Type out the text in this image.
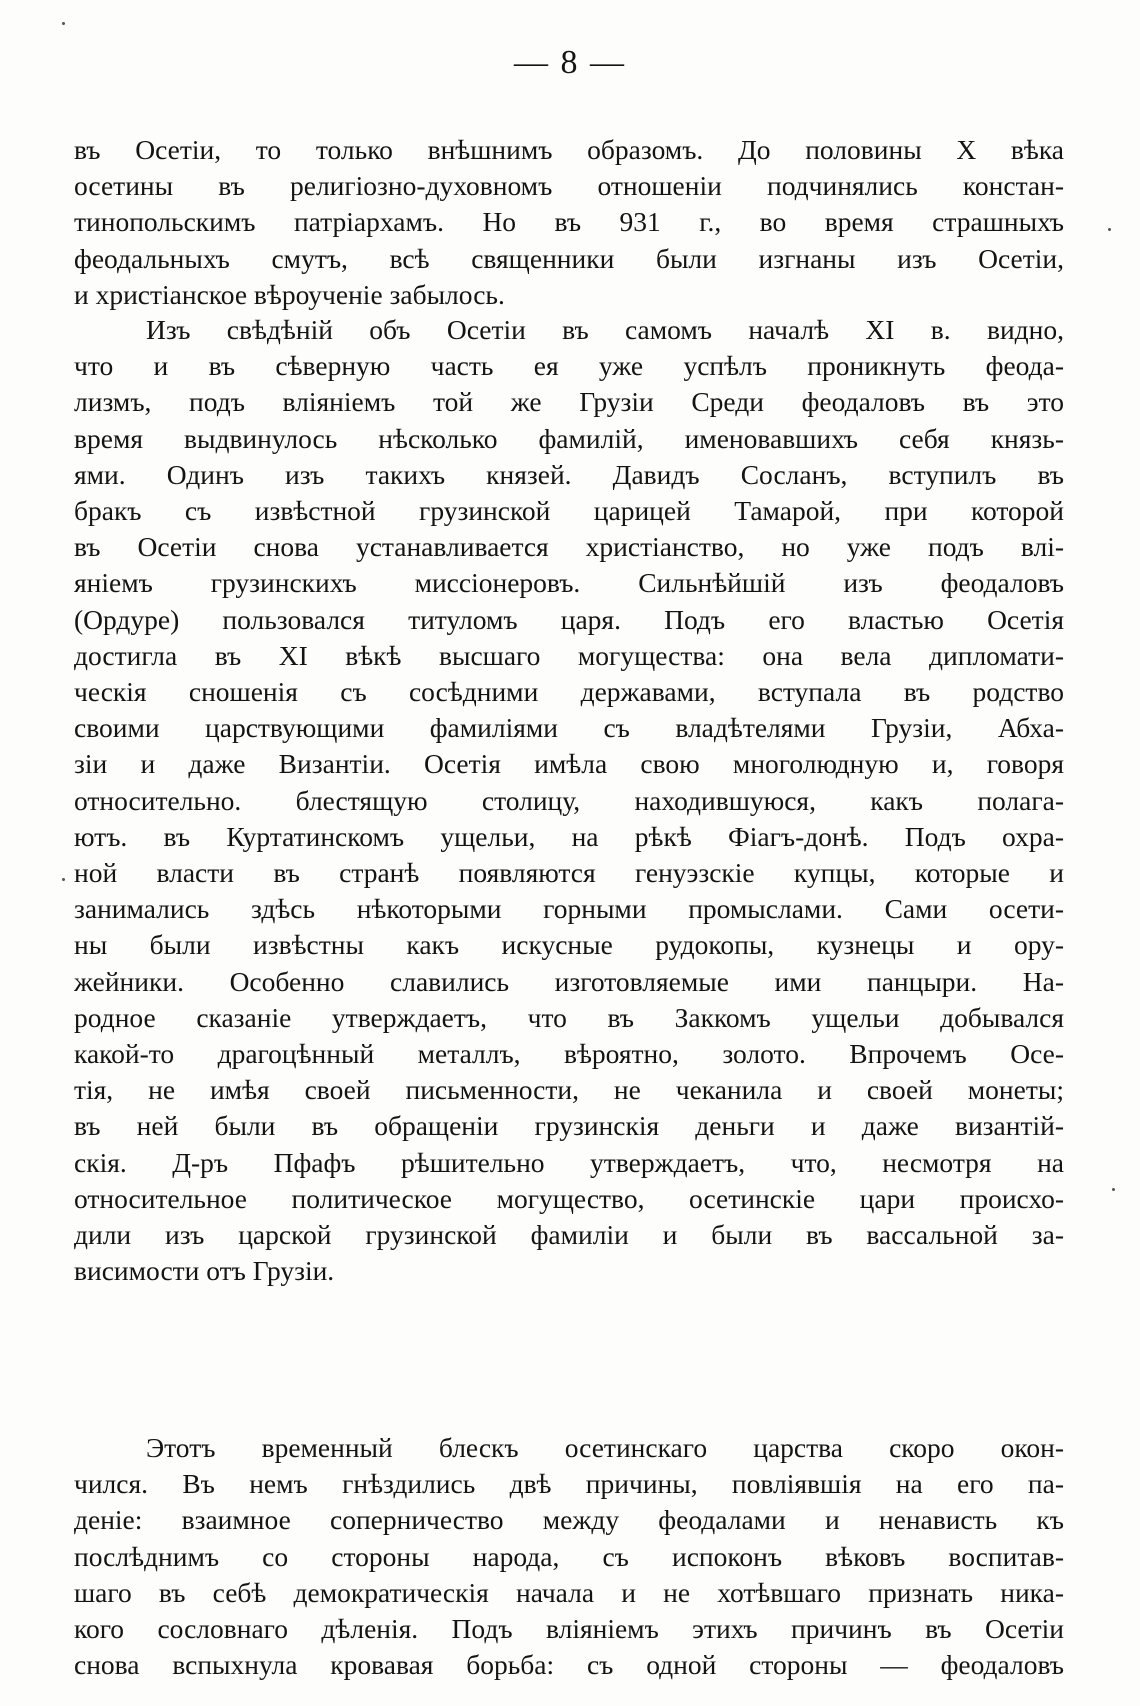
— 8 —
въ Осетіи, то только внѣшнимъ образомъ. До половины X вѣка
осетины въ религіозно-духовномъ отношеніи подчинялись констан-
тинопольскимъ патріархамъ. Но въ 931 г., во время страшныхъ
феодальныхъ смутъ, всѣ священники были изгнаны изъ Осетіи,
и христіанское вѣроученіе забылось.
Изъ свѣдѣній объ Осетіи въ самомъ началѣ XI в. видно,
что и въ сѣверную часть ея уже успѣлъ проникнуть феода-
лизмъ, подъ вліяніемъ той же Грузіи Среди феодаловъ въ это
время выдвинулось нѣсколько фамилій, именовавшихъ себя князь-
ями. Одинъ изъ такихъ князей. Давидъ Сосланъ, вступилъ въ
бракъ съ извѣстной грузинской царицей Тамарой, при которой
въ Осетіи снова устанавливается христіанство, но уже подъ влі-
яніемъ грузинскихъ миссіонеровъ. Сильнѣйшій изъ феодаловъ
(Ордуре) пользовался титуломъ царя. Подъ его властью Осетія
достигла въ XI вѣкѣ высшаго могущества: она вела дипломати-
ческія сношенія съ сосѣдними державами, вступала въ родство
своими царствующими фамиліями съ владѣтелями Грузіи, Абха-
зіи и даже Византіи. Осетія имѣла свою многолюдную и, говоря
относительно. блестящую столицу, находившуюся, какъ полага-
ютъ. въ Куртатинскомъ ущельи, на рѣкѣ Фіагъ-донѣ. Подъ охра-
ной власти въ странѣ появляются генуэзскіе купцы, которые и
занимались здѣсь нѣкоторыми горными промыслами. Сами осети-
ны были извѣстны какъ искусные рудокопы, кузнецы и ору-
жейники. Особенно славились изготовляемые ими панцыри. На-
родное сказаніе утверждаетъ, что въ Заккомъ ущельи добывался
какой-то драгоцѣнный металлъ, вѣроятно, золото. Впрочемъ Осе-
тія, не имѣя своей письменности, не чеканила и своей монеты;
въ ней были въ обращеніи грузинскія деньги и даже византій-
скія. Д-ръ Пфафъ рѣшительно утверждаетъ, что, несмотря на
относительное политическое могущество, осетинскіе цари происхо-
дили изъ царской грузинской фамиліи и были въ вассальной за-
висимости отъ Грузіи.
Этотъ временный блескъ осетинскаго царства скоро окон-
чился. Въ немъ гнѣздились двѣ причины, повліявшія на его па-
деніе: взаимное соперничество между феодалами и ненависть къ
послѣднимъ со стороны народа, съ испоконъ вѣковъ воспитав-
шаго въ себѣ демократическія начала и не хотѣвшаго признать ника-
кого сословнаго дѣленія. Подъ вліяніемъ этихъ причинъ въ Осетіи
снова вспыхнула кровавая борьба: съ одной стороны — феодаловъ
